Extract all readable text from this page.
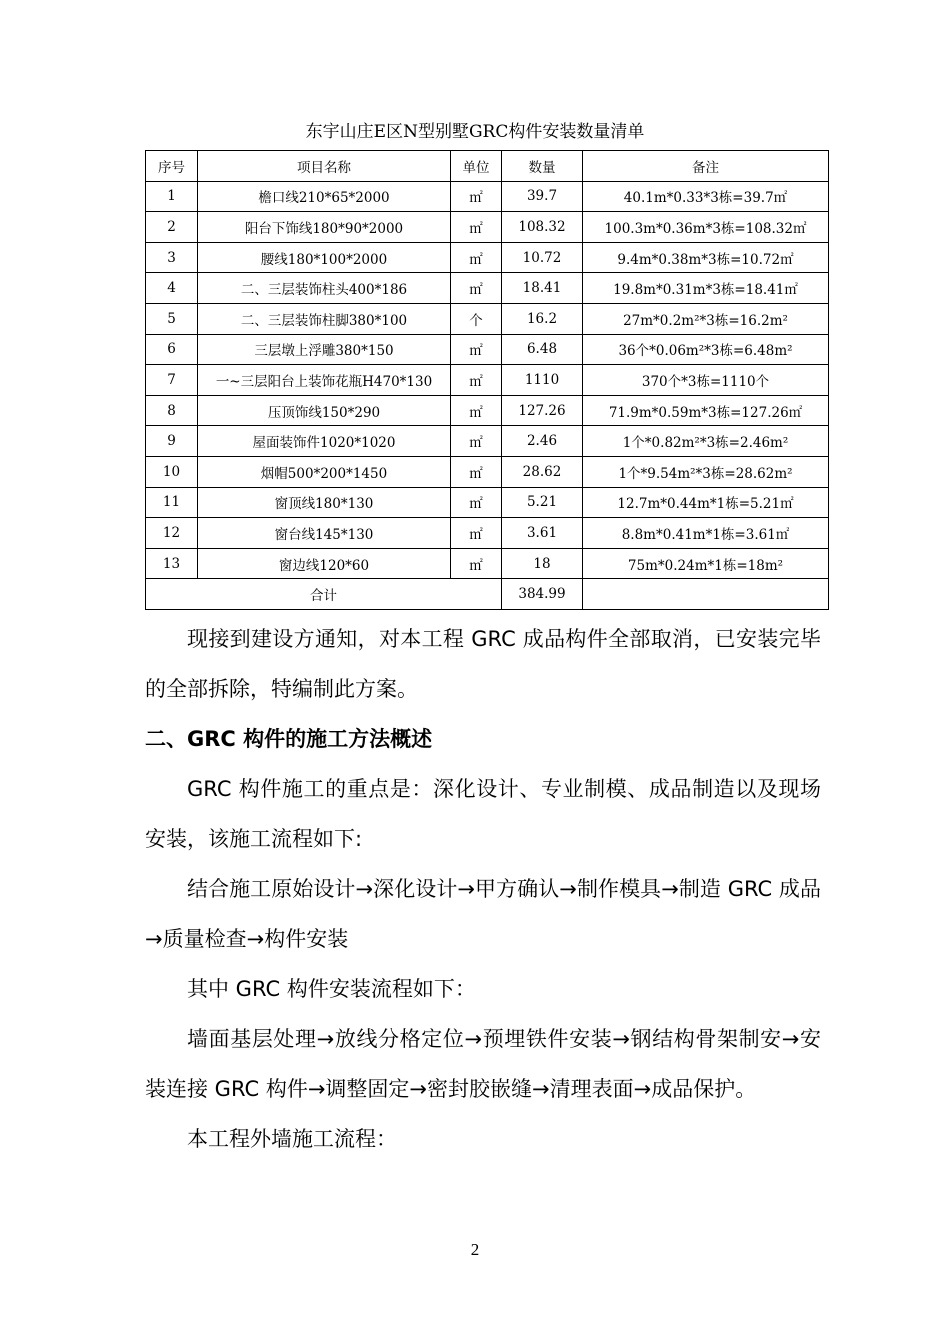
东宇山庄E区N型别墅GRC构件安装数量清单
序号	项目名称	单位	数量	备注
1	檐口线210*65*2000	㎡	39.7	40.1m*0.33*3栋=39.7㎡
2	阳台下饰线180*90*2000	㎡	108.32	100.3m*0.36m*3栋=108.32㎡
3	腰线180*100*2000	㎡	10.72	9.4m*0.38m*3栋=10.72㎡
4	二、三层装饰柱头400*186	㎡	18.41	19.8m*0.31m*3栋=18.41㎡
5	二、三层装饰柱脚380*100	个	16.2	27m*0.2m²*3栋=16.2m²
6	三层墩上浮雕380*150	㎡	6.48	36个*0.06m²*3栋=6.48m²
7	一~三层阳台上装饰花瓶H470*130	㎡	1110	370个*3栋=1110个
8	压顶饰线150*290	㎡	127.26	71.9m*0.59m*3栋=127.26㎡
9	屋面装饰件1020*1020	㎡	2.46	1个*0.82m²*3栋=2.46m²
10	烟帽500*200*1450	㎡	28.62	1个*9.54m²*3栋=28.62m²
11	窗顶线180*130	㎡	5.21	12.7m*0.44m*1栋=5.21㎡
12	窗台线145*130	㎡	3.61	8.8m*0.41m*1栋=3.61㎡
13	窗边线120*60	㎡	18	75m*0.24m*1栋=18m²
合计			384.99	

现接到建设方通知，对本工程 GRC 成品构件全部取消，已安装完毕的全部拆除，特编制此方案。

二、GRC 构件的施工方法概述

GRC 构件施工的重点是：深化设计、专业制模、成品制造以及现场安装，该施工流程如下:

结合施工原始设计→深化设计→甲方确认→制作模具→制造 GRC 成品→质量检查→构件安装

其中 GRC 构件安装流程如下：

墙面基层处理→放线分格定位→预埋铁件安装→钢结构骨架制安→安装连接 GRC 构件→调整固定→密封胶嵌缝→清理表面→成品保护。

本工程外墙施工流程：

2
